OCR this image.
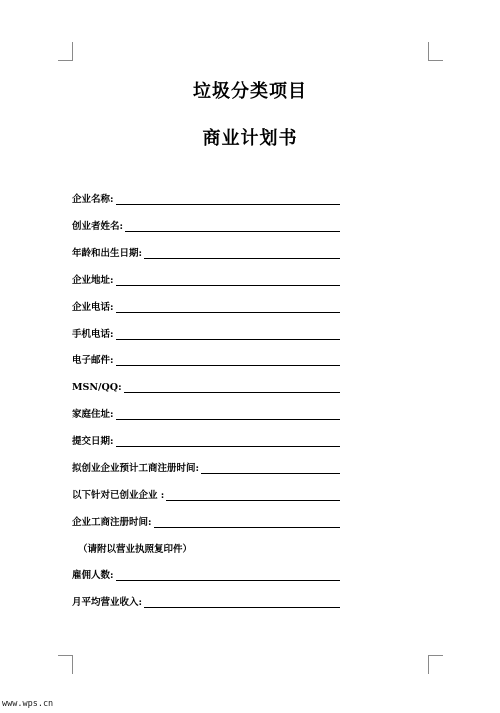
垃圾分类项目
商业计划书
企业名称:
创业者姓名:
年龄和出生日期:
企业地址:
企业电话:
手机电话:
电子邮件:
MSN/QQ:
家庭住址:
提交日期:
拟创业企业预计工商注册时间:
以下针对已创业企业 :
企业工商注册时间:
（请附以营业执照复印件）
雇佣人数:
月平均营业收入:
www.wps.cn
